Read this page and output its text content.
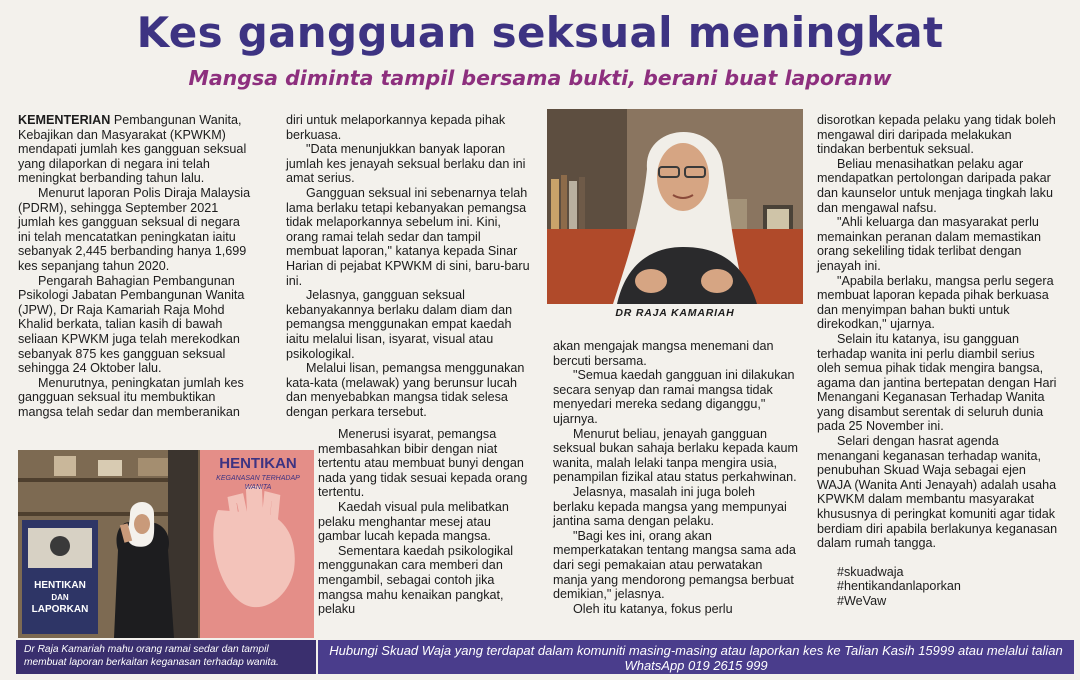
Kes gangguan seksual meningkat
Mangsa diminta tampil bersama bukti, berani buat laporanw

KEMENTERIAN Pembangunan Wanita, Kebajikan dan Masyarakat (KPWKM) mendapati jumlah kes gangguan seksual yang dilaporkan di negara ini telah meningkat berbanding tahun lalu.

Menurut laporan Polis Diraja Malaysia (PDRM), sehingga September 2021 jumlah kes gangguan seksual di negara ini telah mencatatkan peningkatan iaitu sebanyak 2,445 berbanding hanya 1,699 kes sepanjang tahun 2020.

Pengarah Bahagian Pembangunan Psikologi Jabatan Pembangunan Wanita (JPW), Dr Raja Kamariah Raja Mohd Khalid berkata, talian kasih di bawah seliaan KPWKM juga telah merekodkan sebanyak 875 kes gangguan seksual sehingga 24 Oktober lalu.

Menurutnya, peningkatan jumlah kes gangguan seksual itu membuktikan mangsa telah sedar dan memberanikan

HENTIKAN
DAN
LAPORKAN
HENTIKAN
KEGANASAN TERHADAP
WANITA

diri untuk melaporkannya kepada pihak berkuasa.

"Data menunjukkan banyak laporan jumlah kes jenayah seksual berlaku dan ini amat serius.

Gangguan seksual ini sebenarnya telah lama berlaku tetapi kebanyakan pemangsa tidak melaporkannya sebelum ini. Kini, orang ramai telah sedar dan tampil membuat laporan," katanya kepada Sinar Harian di pejabat KPWKM di sini, baru-baru ini.

Jelasnya, gangguan seksual kebanyakannya berlaku dalam diam dan pemangsa menggunakan empat kaedah iaitu melalui lisan, isyarat, visual atau psikologikal.

Melalui lisan, pemangsa menggunakan kata-kata (melawak) yang berunsur lucah dan menyebabkan mangsa tidak selesa dengan perkara tersebut.

Menerusi isyarat, pemangsa membasahkan bibir dengan niat tertentu atau membuat bunyi dengan nada yang tidak sesuai kepada orang tertentu.

Kaedah visual pula melibatkan pelaku menghantar mesej atau gambar lucah kepada mangsa.

Sementara kaedah psikologikal menggunakan cara memberi dan mengambil, sebagai contoh jika mangsa mahu kenaikan pangkat, pelaku

DR RAJA KAMARIAH

akan mengajak mangsa menemani dan bercuti bersama.

"Semua kaedah gangguan ini dilakukan secara senyap dan ramai mangsa tidak menyedari mereka sedang diganggu," ujarnya.

Menurut beliau, jenayah gangguan seksual bukan sahaja berlaku kepada kaum wanita, malah lelaki tanpa mengira usia, penampilan fizikal atau status perkahwinan.

Jelasnya, masalah ini juga boleh berlaku kepada mangsa yang mempunyai jantina sama dengan pelaku.

"Bagi kes ini, orang akan memperkatakan tentang mangsa sama ada dari segi pemakaian atau perwatakan manja yang mendorong pemangsa berbuat demikian," jelasnya.

Oleh itu katanya, fokus perlu

disorotkan kepada pelaku yang tidak boleh mengawal diri daripada melakukan tindakan berbentuk seksual.

Beliau menasihatkan pelaku agar mendapatkan pertolongan daripada pakar dan kaunselor untuk menjaga tingkah laku dan mengawal nafsu.

"Ahli keluarga dan masyarakat perlu memainkan peranan dalam memastikan orang sekeliling tidak terlibat dengan jenayah ini.

"Apabila berlaku, mangsa perlu segera membuat laporan kepada pihak berkuasa dan menyimpan bahan bukti untuk direkodkan," ujarnya.

Selain itu katanya, isu gangguan terhadap wanita ini perlu diambil serius oleh semua pihak tidak mengira bangsa, agama dan jantina bertepatan dengan Hari Menangani Keganasan Terhadap Wanita yang disambut serentak di seluruh dunia pada 25 November ini.

Selari dengan hasrat agenda menangani keganasan terhadap wanita, penubuhan Skuad Waja sebagai ejen WAJA (Wanita Anti Jenayah) adalah usaha KPWKM dalam membantu masyarakat khususnya di peringkat komuniti agar tidak berdiam diri apabila berlakunya keganasan dalam rumah tangga.

#skuadwaja

#hentikandanlaporkan

#WeVaw

Dr Raja Kamariah mahu orang ramai sedar dan tampil membuat laporan berkaitan keganasan terhadap wanita.
Hubungi Skuad Waja yang terdapat dalam komuniti masing-masing atau laporkan kes ke Talian Kasih 15999 atau melalui talian WhatsApp 019 2615 999
